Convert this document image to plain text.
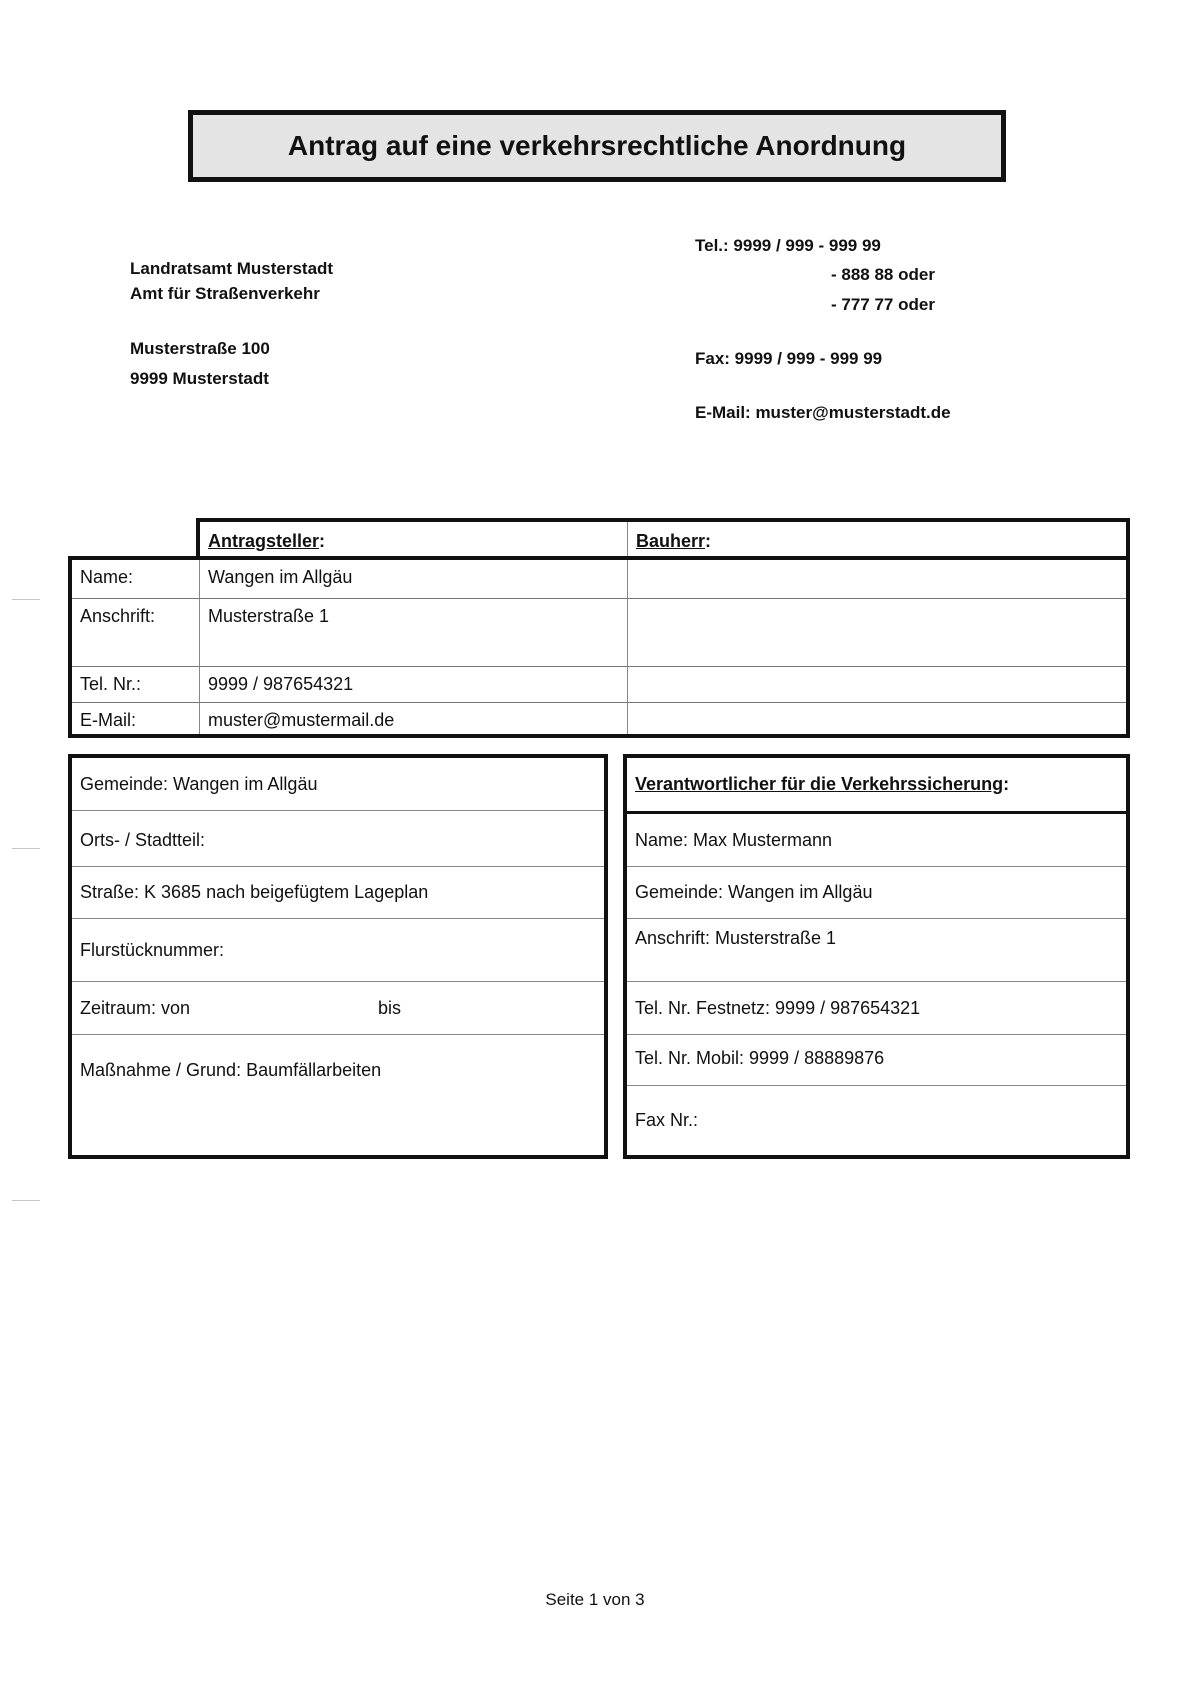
Antrag auf eine verkehrsrechtliche Anordnung
Landratsamt Musterstadt
Amt für Straßenverkehr
Musterstraße 100
9999 Musterstadt
Tel.: 9999 / 999 - 999 99
- 888 88 oder
- 777 77 oder
Fax: 9999 / 999 - 999 99
E-Mail: muster@musterstadt.de
Antragsteller:	Bauherr:
Name:	Wangen im Allgäu
Anschrift:	Musterstraße 1
Tel. Nr.:	9999 / 987654321
E-Mail:	muster@mustermail.de
Gemeinde: Wangen im Allgäu
Orts- / Stadtteil:
Straße: K 3685 nach beigefügtem Lageplan
Flurstücknummer:
Zeitraum: von	bis
Maßnahme / Grund: Baumfällarbeiten
Verantwortlicher für die Verkehrssicherung:
Name: Max Mustermann
Gemeinde: Wangen im Allgäu
Anschrift: Musterstraße 1
Tel. Nr. Festnetz: 9999 / 987654321
Tel. Nr. Mobil: 9999 / 88889876
Fax Nr.:
Seite 1 von 3
